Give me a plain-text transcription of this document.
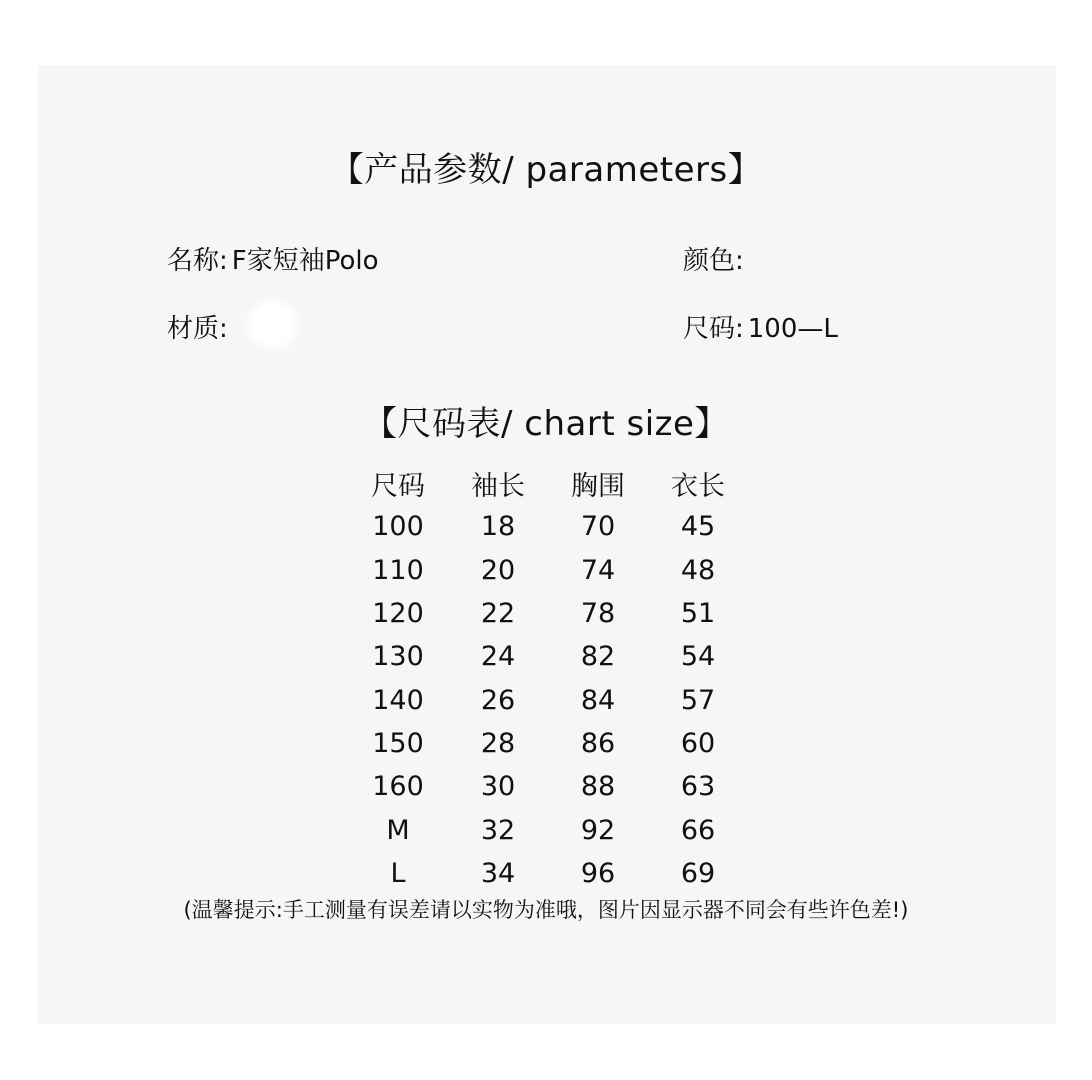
【产品参数/ parameters】
名称: F家短袖Polo	颜色:
材质:	尺码: 100—L
【尺码表/ chart size】
尺码	袖长	胸围	衣长
100	18	70	45
110	20	74	48
120	22	78	51
130	24	82	54
140	26	84	57
150	28	86	60
160	30	88	63
M	32	92	66
L	34	96	69
(温馨提示:手工测量有误差请以实物为准哦，图片因显示器不同会有些许色差!)
